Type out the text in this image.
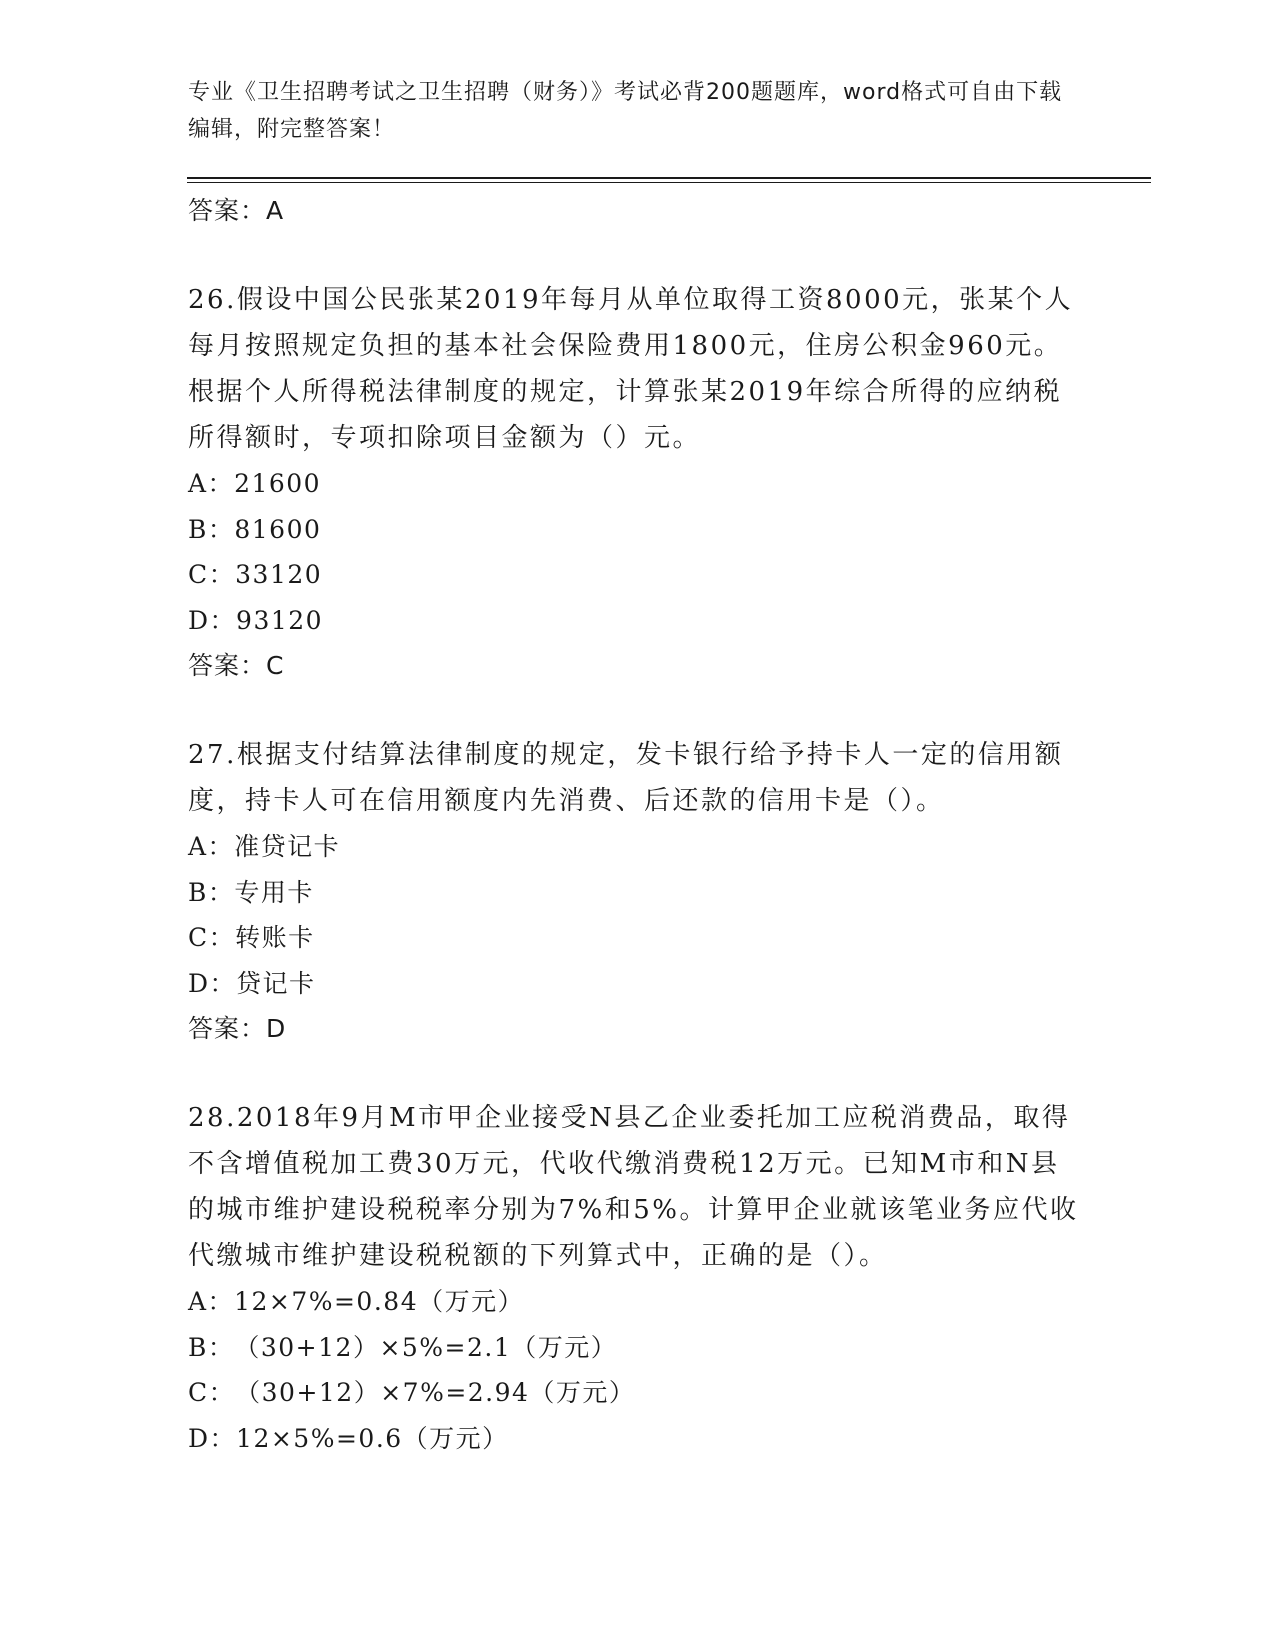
专业《卫生招聘考试之卫生招聘（财务）》考试必背200题题库，word格式可自由下载编辑，附完整答案！

答案：A

26.假设中国公民张某2019年每月从单位取得工资8000元，张某个人每月按照规定负担的基本社会保险费用1800元，住房公积金960元。根据个人所得税法律制度的规定，计算张某2019年综合所得的应纳税所得额时，专项扣除项目金额为（）元。

A：21600
B：81600
C：33120
D：93120

答案：C

27.根据支付结算法律制度的规定，发卡银行给予持卡人一定的信用额度，持卡人可在信用额度内先消费、后还款的信用卡是（）。

A：准贷记卡
B：专用卡
C：转账卡
D：贷记卡

答案：D

28.2018年9月M市甲企业接受N县乙企业委托加工应税消费品，取得不含增值税加工费30万元，代收代缴消费税12万元。已知M市和N县的城市维护建设税税率分别为7%和5%。计算甲企业就该笔业务应代收代缴城市维护建设税税额的下列算式中，正确的是（）。

A：12×7%=0.84（万元）
B：（30+12）×5%=2.1（万元）
C：（30+12）×7%=2.94（万元）
D：12×5%=0.6（万元）
